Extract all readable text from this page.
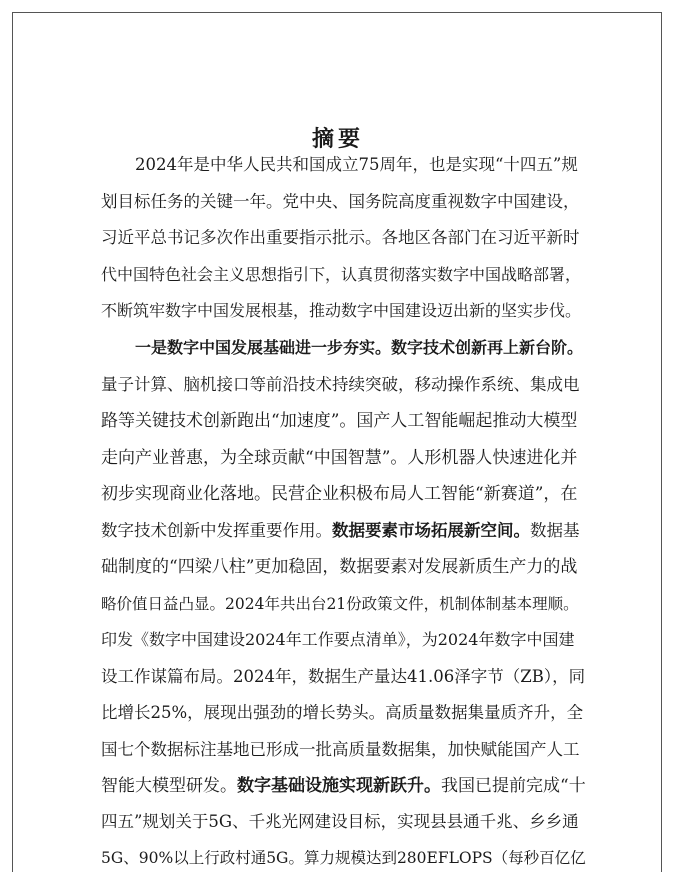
摘要
2024年是中华人民共和国成立75周年，也是实现“十四五”规
划目标任务的关键一年。党中央、国务院高度重视数字中国建设，
习近平总书记多次作出重要指示批示。各地区各部门在习近平新时
代中国特色社会主义思想指引下，认真贯彻落实数字中国战略部署，
不断筑牢数字中国发展根基，推动数字中国建设迈出新的坚实步伐。
一是数字中国发展基础进一步夯实。数字技术创新再上新台阶。
量子计算、脑机接口等前沿技术持续突破，移动操作系统、集成电
路等关键技术创新跑出“加速度”。国产人工智能崛起推动大模型
走向产业普惠，为全球贡献“中国智慧”。人形机器人快速进化并
初步实现商业化落地。民营企业积极布局人工智能“新赛道”，在
数字技术创新中发挥重要作用。数据要素市场拓展新空间。数据基
础制度的“四梁八柱”更加稳固，数据要素对发展新质生产力的战
略价值日益凸显。2024年共出台21份政策文件，机制体制基本理顺。
印发《数字中国建设2024年工作要点清单》，为2024年数字中国建
设工作谋篇布局。2024年，数据生产量达41.06泽字节（ZB），同
比增长25%，展现出强劲的增长势头。高质量数据集量质齐升，全
国七个数据标注基地已形成一批高质量数据集，加快赋能国产人工
智能大模型研发。数字基础设施实现新跃升。我国已提前完成“十
四五”规划关于5G、千兆光网建设目标，实现县县通千兆、乡乡通
5G、90%以上行政村通5G。算力规模达到280EFLOPS（每秒百亿亿
